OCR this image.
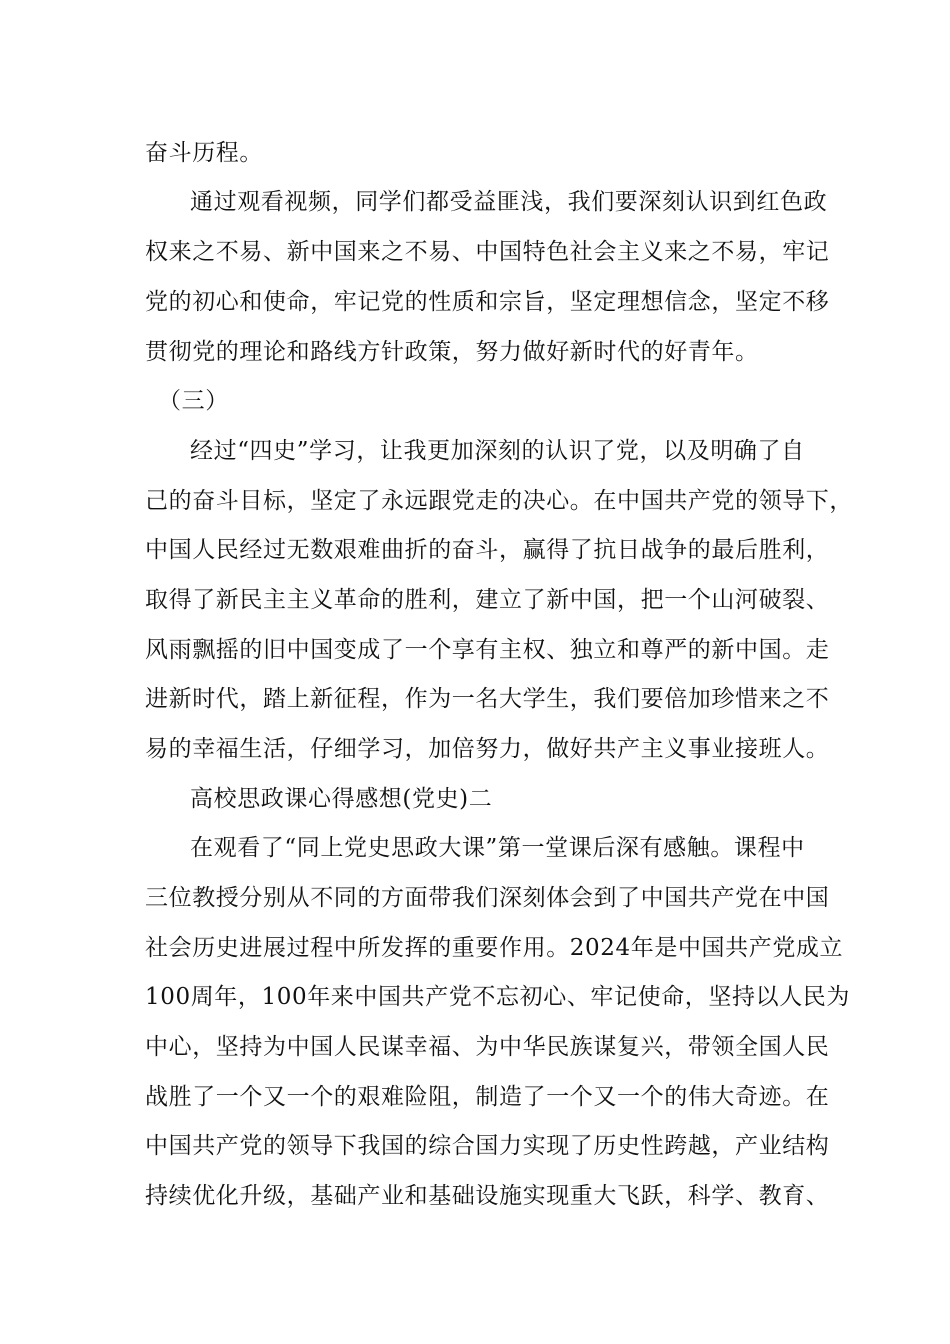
奋斗历程。
通过观看视频，同学们都受益匪浅，我们要深刻认识到红色政
权来之不易、新中国来之不易、中国特色社会主义来之不易，牢记
党的初心和使命，牢记党的性质和宗旨，坚定理想信念，坚定不移
贯彻党的理论和路线方针政策，努力做好新时代的好青年。
（三）
经过“四史”学习，让我更加深刻的认识了党，以及明确了自
己的奋斗目标，坚定了永远跟党走的决心。在中国共产党的领导下，
中国人民经过无数艰难曲折的奋斗，赢得了抗日战争的最后胜利，
取得了新民主主义革命的胜利，建立了新中国，把一个山河破裂、
风雨飘摇的旧中国变成了一个享有主权、独立和尊严的新中国。走
进新时代，踏上新征程，作为一名大学生，我们要倍加珍惜来之不
易的幸福生活，仔细学习，加倍努力，做好共产主义事业接班人。
高校思政课心得感想(党史)二
在观看了“同上党史思政大课”第一堂课后深有感触。课程中
三位教授分别从不同的方面带我们深刻体会到了中国共产党在中国
社会历史进展过程中所发挥的重要作用。2024年是中国共产党成立
100周年，100年来中国共产党不忘初心、牢记使命，坚持以人民为
中心，坚持为中国人民谋幸福、为中华民族谋复兴，带领全国人民
战胜了一个又一个的艰难险阻，制造了一个又一个的伟大奇迹。在
中国共产党的领导下我国的综合国力实现了历史性跨越，产业结构
持续优化升级，基础产业和基础设施实现重大飞跃，科学、教育、
